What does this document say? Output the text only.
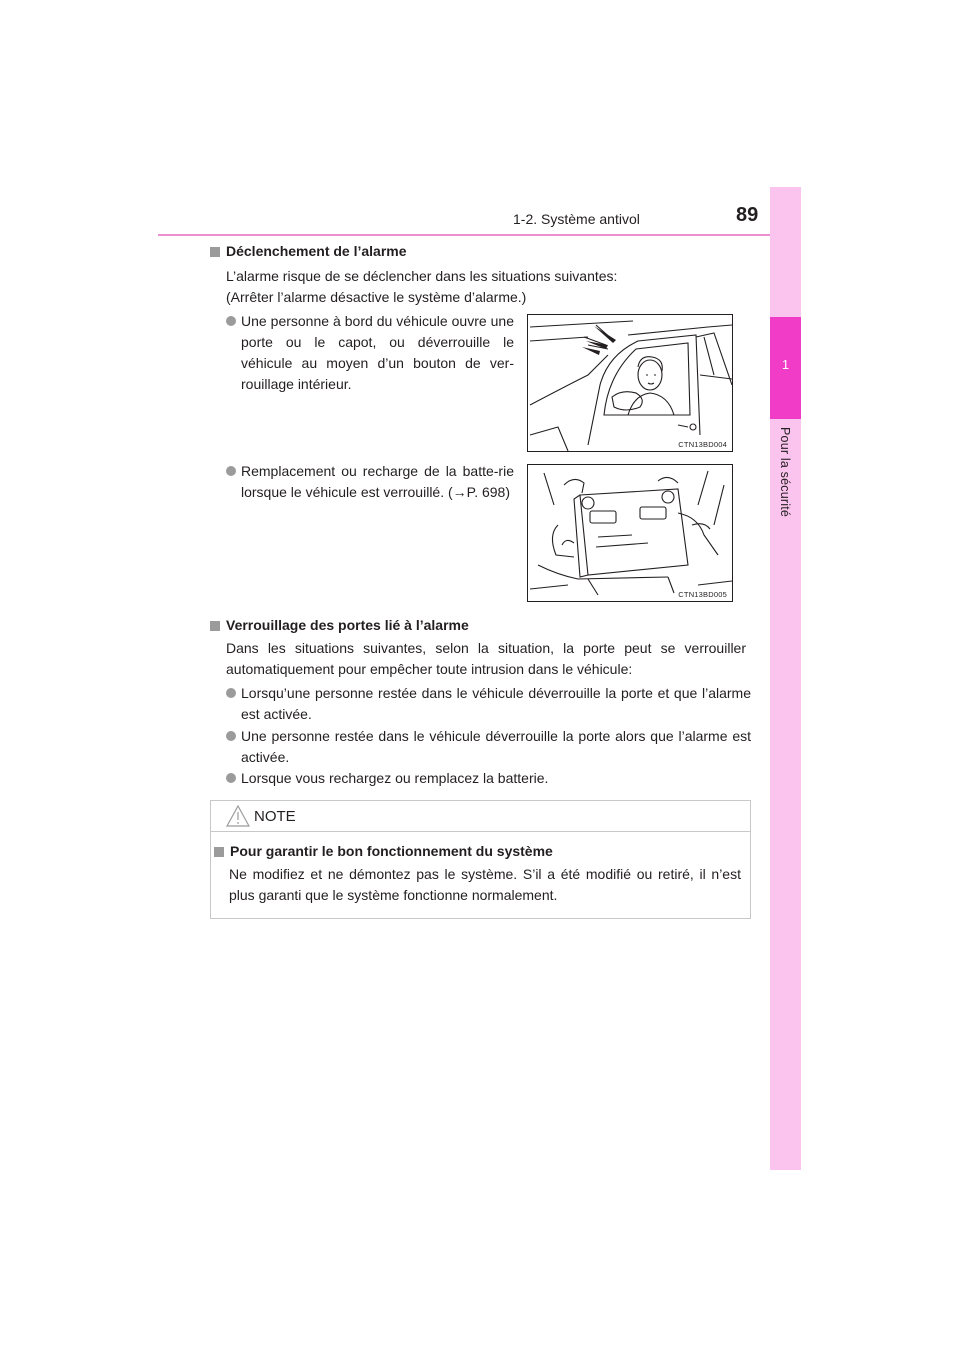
1-2. Système antivol	89
1
Pour la sécurité
Déclenchement de l’alarme
L’alarme risque de se déclencher dans les situations suivantes:
(Arrêter l’alarme désactive le système d’alarme.)
Une personne à bord du véhicule ouvre une porte ou le capot, ou déverrouille le véhicule au moyen d’un bouton de ver-rouillage intérieur.
CTN13BD004
Remplacement ou recharge de la batte-rie lorsque le véhicule est verrouillé. (→P. 698)
CTN13BD005
Verrouillage des portes lié à l’alarme
Dans les situations suivantes, selon la situation, la porte peut se verrouiller automatiquement pour empêcher toute intrusion dans le véhicule:
Lorsqu’une personne restée dans le véhicule déverrouille la porte et que l’alarme est activée.
Une personne restée dans le véhicule déverrouille la porte alors que l’alarme est activée.
Lorsque vous rechargez ou remplacez la batterie.
NOTE
Pour garantir le bon fonctionnement du système
Ne modifiez et ne démontez pas le système. S’il a été modifié ou retiré, il n’est plus garanti que le système fonctionne normalement.
